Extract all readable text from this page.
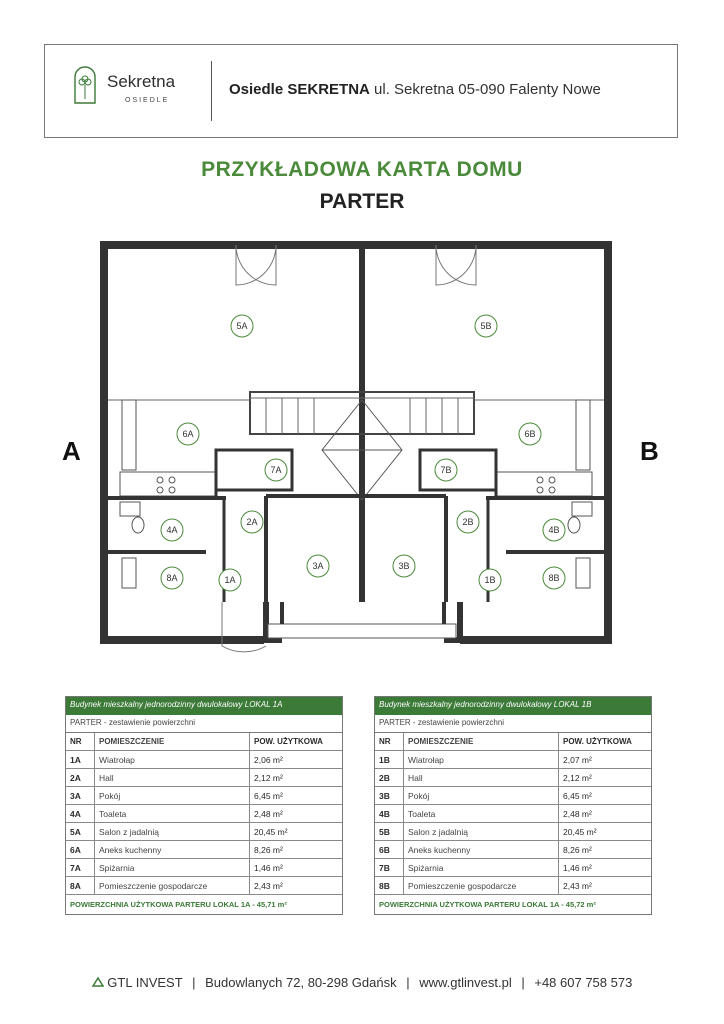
Sekretna
OSIEDLE
Osiedle SEKRETNA ul. Sekretna 05-090 Falenty Nowe
PRZYKŁADOWA KARTA DOMU
PARTER
A	B
5A
6A
7A
2A
4A
3A
8A	1A
5B
6B
7B
2B
4B
3B
8B
1B
Budynek mieszkalny jednorodzinny dwulokalowy LOKAL 1A
PARTER - zestawienie powierzchni
NR	POMIESZCZENIE	POW. UŻYTKOWA
1A	Wiatrołap	2,06 m²
2A	Hall	2,12 m²
3A	Pokój	6,45 m²
4A	Toaleta	2,48 m²
5A	Salon z jadalnią	20,45 m²
6A	Aneks kuchenny	8,26 m²
7A	Spiżarnia	1,46 m²
8A	Pomieszczenie gospodarcze	2,43 m²
POWIERZCHNIA UŻYTKOWA PARTERU LOKAL 1A - 45,71 m²
Budynek mieszkalny jednorodzinny dwulokalowy LOKAL 1B
PARTER - zestawienie powierzchni
NR	POMIESZCZENIE	POW. UŻYTKOWA
1B	Wiatrołap	2,07 m²
2B	Hall	2,12 m²
3B	Pokój	6,45 m²
4B	Toaleta	2,48 m²
5B	Salon z jadalnią	20,45 m²
6B	Aneks kuchenny	8,26 m²
7B	Spiżarnia	1,46 m²
8B	Pomieszczenie gospodarcze	2,43 m²
POWIERZCHNIA UŻYTKOWA PARTERU LOKAL 1A - 45,72 m²
GTL INVEST | Budowlanych 72, 80-298 Gdańsk | www.gtlinvest.pl | +48 607 758 573
